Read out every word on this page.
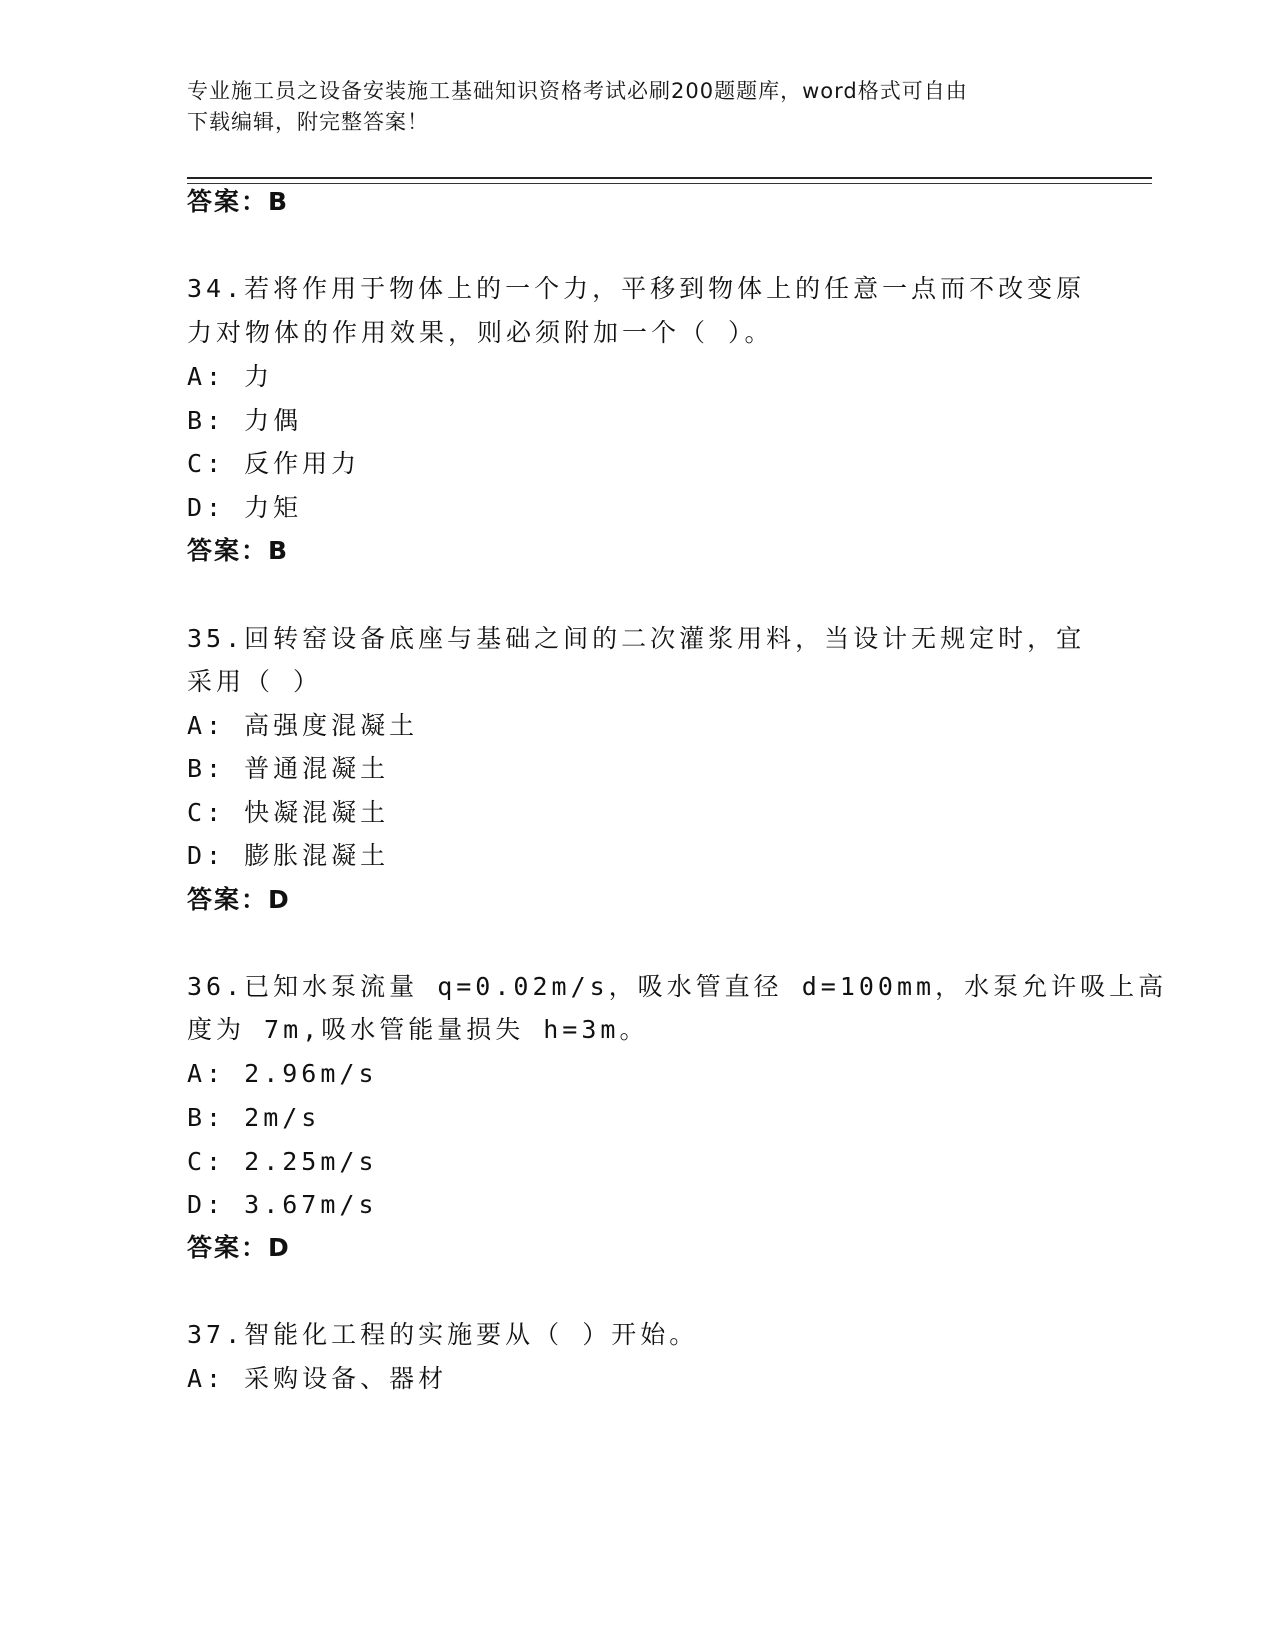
专业施工员之设备安装施工基础知识资格考试必刷200题题库，word格式可自由
下载编辑，附完整答案！
答案：B
34.若将作用于物体上的一个力，平移到物体上的任意一点而不改变原
力对物体的作用效果，则必须附加一个（ ）。
A: 力
B: 力偶
C: 反作用力
D: 力矩
答案：B
35.回转窑设备底座与基础之间的二次灌浆用料，当设计无规定时，宜
采用（ ）
A: 高强度混凝土
B: 普通混凝土
C: 快凝混凝土
D: 膨胀混凝土
答案：D
36.已知水泵流量 q=0.02m/s，吸水管直径 d=100mm，水泵允许吸上高
度为 7m,吸水管能量损失 h=3m。
A: 2.96m/s
B: 2m/s
C: 2.25m/s
D: 3.67m/s
答案：D
37.智能化工程的实施要从（ ）开始。
A: 采购设备、器材
